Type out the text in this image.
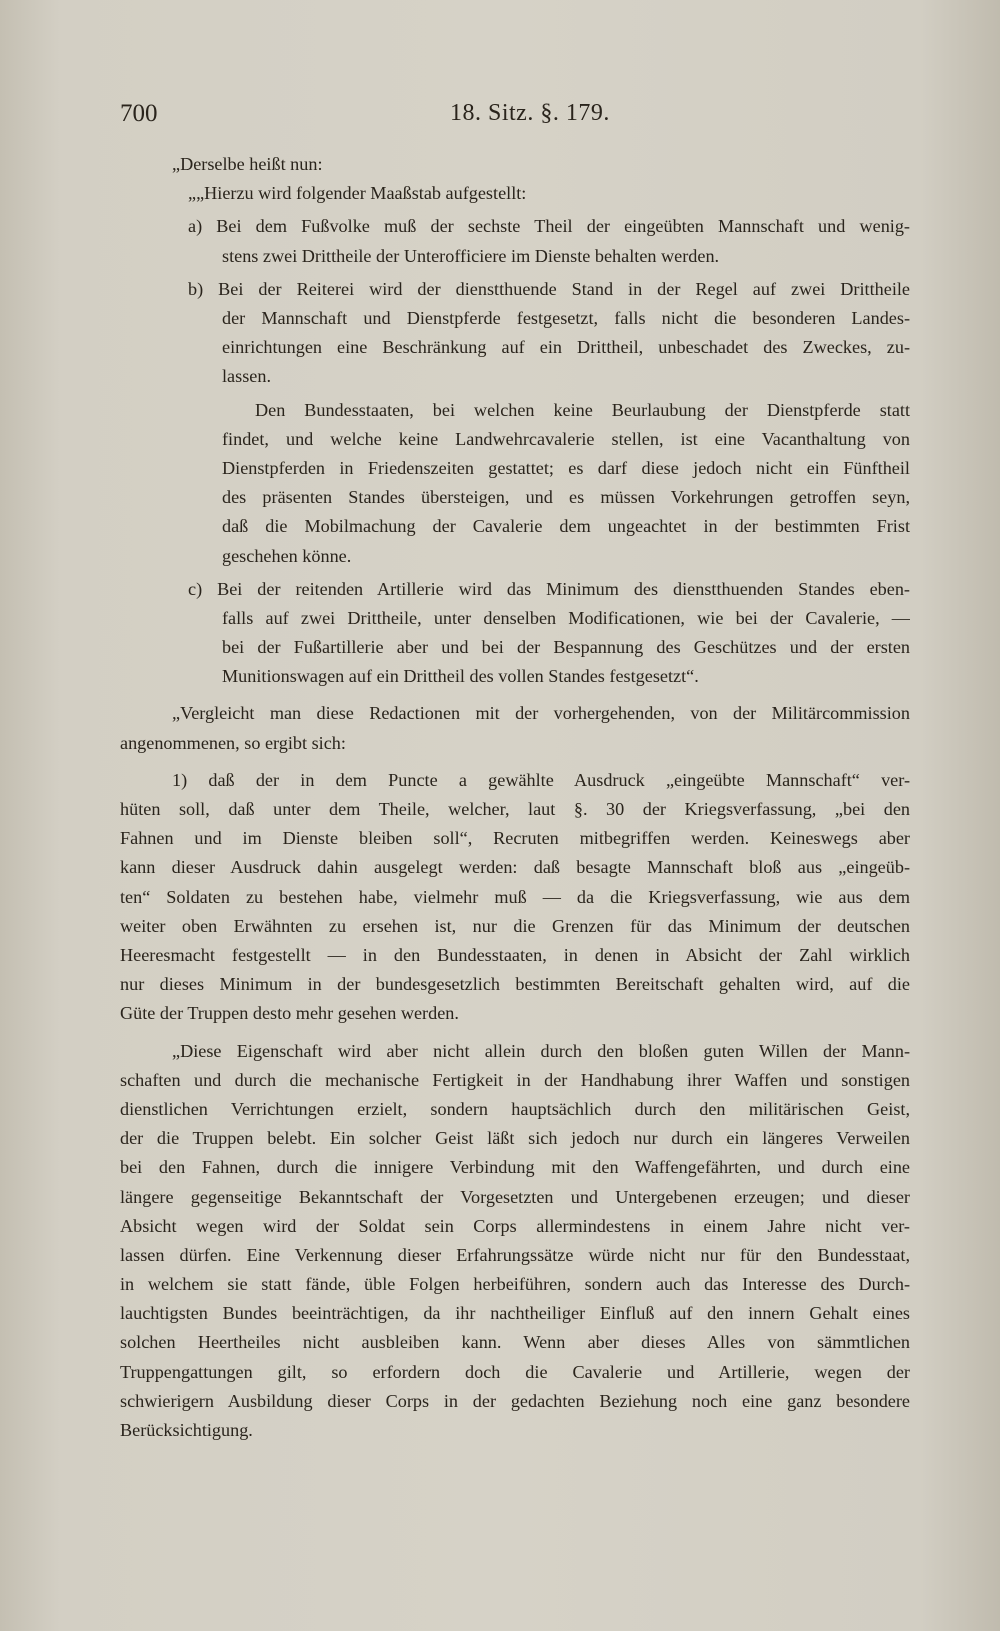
700	18. Sitz. §. 179.
„Derselbe heißt nun:
„„Hierzu wird folgender Maaßstab aufgestellt:
a) Bei dem Fußvolke muß der sechste Theil der eingeübten Mannschaft und wenig-
stens zwei Drittheile der Unterofficiere im Dienste behalten werden.
b) Bei der Reiterei wird der dienstthuende Stand in der Regel auf zwei Drittheile
der Mannschaft und Dienstpferde festgesetzt, falls nicht die besonderen Landes-
einrichtungen eine Beschränkung auf ein Drittheil, unbeschadet des Zweckes, zu-
lassen.
Den Bundesstaaten, bei welchen keine Beurlaubung der Dienstpferde statt
findet, und welche keine Landwehrcavalerie stellen, ist eine Vacanthaltung von
Dienstpferden in Friedenszeiten gestattet; es darf diese jedoch nicht ein Fünftheil
des präsenten Standes übersteigen, und es müssen Vorkehrungen getroffen seyn,
daß die Mobilmachung der Cavalerie dem ungeachtet in der bestimmten Frist
geschehen könne.
c) Bei der reitenden Artillerie wird das Minimum des dienstthuenden Standes eben-
falls auf zwei Drittheile, unter denselben Modificationen, wie bei der Cavalerie, —
bei der Fußartillerie aber und bei der Bespannung des Geschützes und der ersten
Munitionswagen auf ein Drittheil des vollen Standes festgesetzt“.
„Vergleicht man diese Redactionen mit der vorhergehenden, von der Militärcommission
angenommenen, so ergibt sich:
1) daß der in dem Puncte a gewählte Ausdruck „eingeübte Mannschaft“ ver-
hüten soll, daß unter dem Theile, welcher, laut §. 30 der Kriegsverfassung, „bei den
Fahnen und im Dienste bleiben soll“, Recruten mitbegriffen werden. Keineswegs aber
kann dieser Ausdruck dahin ausgelegt werden: daß besagte Mannschaft bloß aus „eingeüb-
ten“ Soldaten zu bestehen habe, vielmehr muß — da die Kriegsverfassung, wie aus dem
weiter oben Erwähnten zu ersehen ist, nur die Grenzen für das Minimum der deutschen
Heeresmacht festgestellt — in den Bundesstaaten, in denen in Absicht der Zahl wirklich
nur dieses Minimum in der bundesgesetzlich bestimmten Bereitschaft gehalten wird, auf die
Güte der Truppen desto mehr gesehen werden.
„Diese Eigenschaft wird aber nicht allein durch den bloßen guten Willen der Mann-
schaften und durch die mechanische Fertigkeit in der Handhabung ihrer Waffen und sonstigen
dienstlichen Verrichtungen erzielt, sondern hauptsächlich durch den militärischen Geist,
der die Truppen belebt. Ein solcher Geist läßt sich jedoch nur durch ein längeres Verweilen
bei den Fahnen, durch die innigere Verbindung mit den Waffengefährten, und durch eine
längere gegenseitige Bekanntschaft der Vorgesetzten und Untergebenen erzeugen; und dieser
Absicht wegen wird der Soldat sein Corps allermindestens in einem Jahre nicht ver-
lassen dürfen. Eine Verkennung dieser Erfahrungssätze würde nicht nur für den Bundesstaat,
in welchem sie statt fände, üble Folgen herbeiführen, sondern auch das Interesse des Durch-
lauchtigsten Bundes beeinträchtigen, da ihr nachtheiliger Einfluß auf den innern Gehalt eines
solchen Heertheiles nicht ausbleiben kann. Wenn aber dieses Alles von sämmtlichen
Truppengattungen gilt, so erfordern doch die Cavalerie und Artillerie, wegen der
schwierigern Ausbildung dieser Corps in der gedachten Beziehung noch eine ganz besondere
Berücksichtigung.
